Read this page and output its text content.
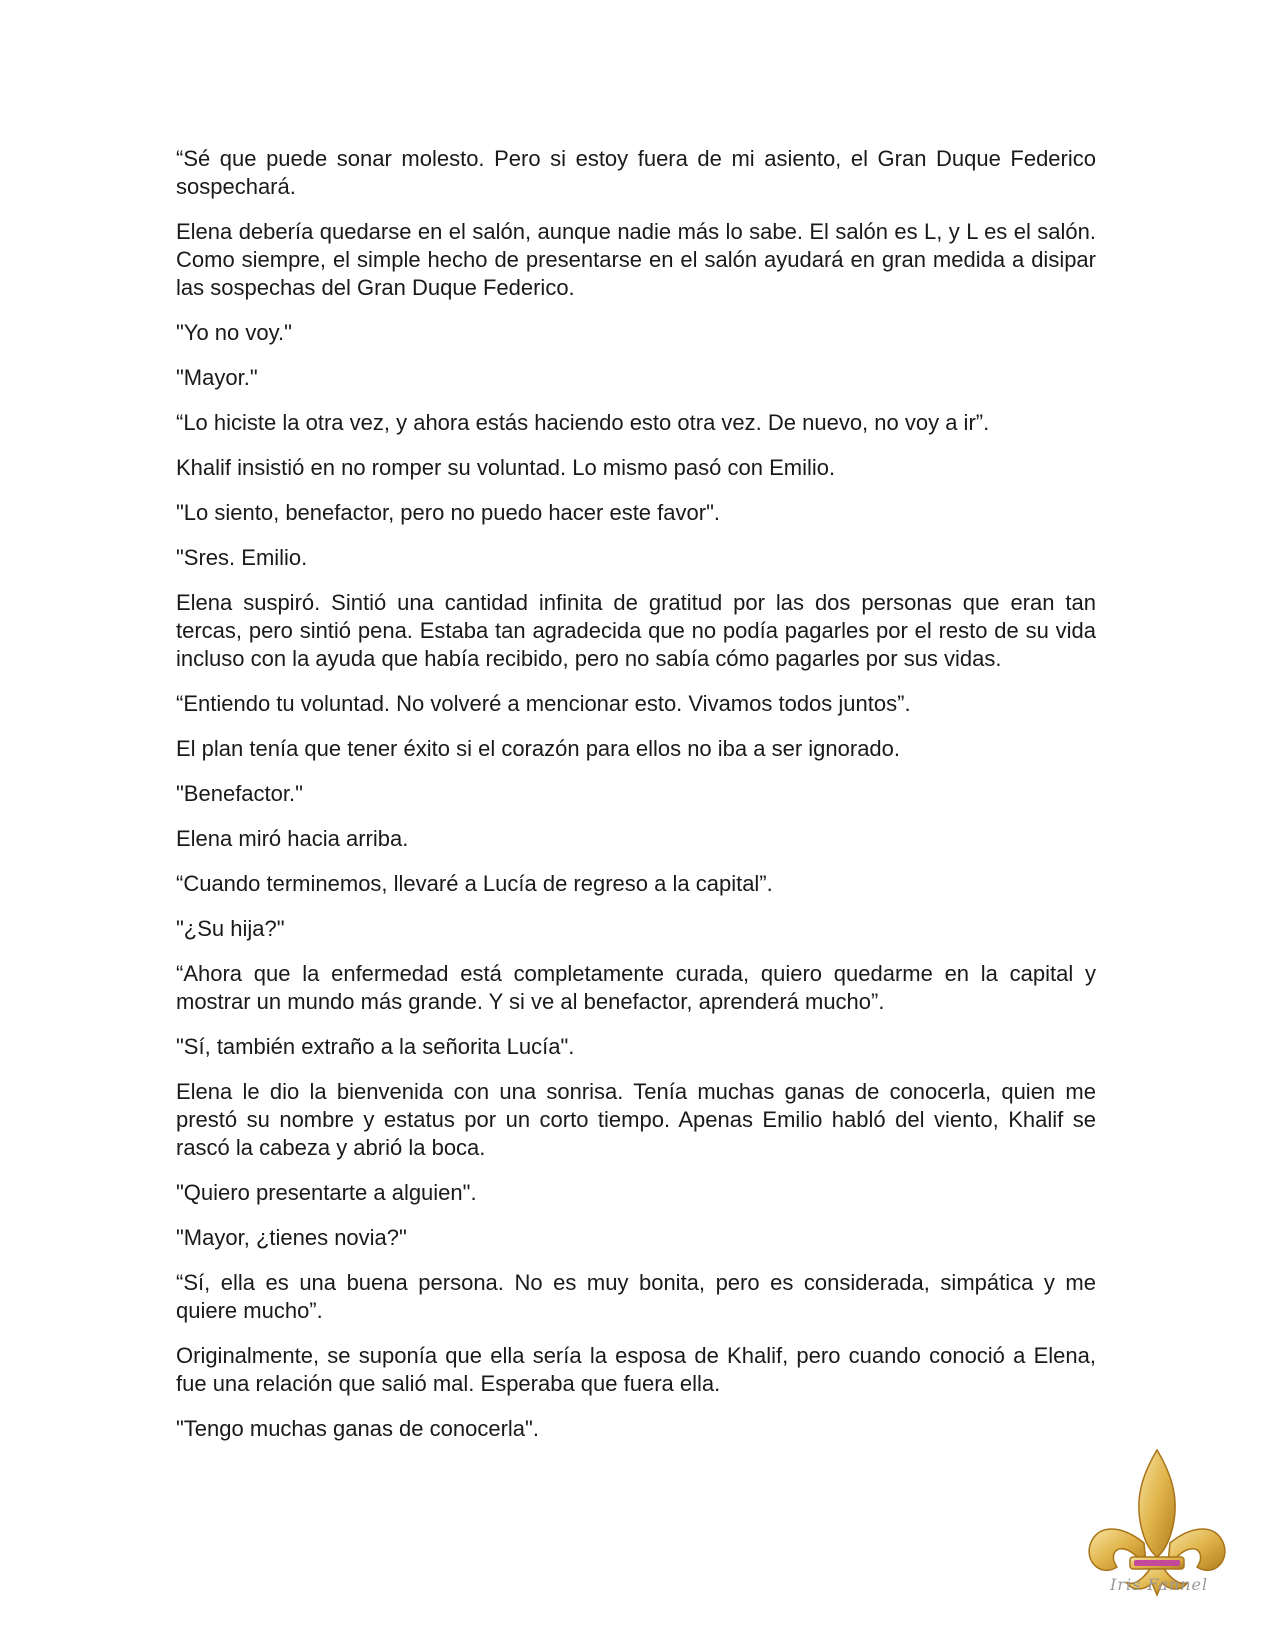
“Sé que puede sonar molesto. Pero si estoy fuera de mi asiento, el Gran Duque Federico sospechará.

Elena debería quedarse en el salón, aunque nadie más lo sabe. El salón es L, y L es el salón. Como siempre, el simple hecho de presentarse en el salón ayudará en gran medida a disipar las sospechas del Gran Duque Federico.

"Yo no voy."

"Mayor."

“Lo hiciste la otra vez, y ahora estás haciendo esto otra vez. De nuevo, no voy a ir”.

Khalif insistió en no romper su voluntad. Lo mismo pasó con Emilio.

"Lo siento, benefactor, pero no puedo hacer este favor".

"Sres. Emilio.

Elena suspiró. Sintió una cantidad infinita de gratitud por las dos personas que eran tan tercas, pero sintió pena. Estaba tan agradecida que no podía pagarles por el resto de su vida incluso con la ayuda que había recibido, pero no sabía cómo pagarles por sus vidas.

“Entiendo tu voluntad. No volveré a mencionar esto. Vivamos todos juntos”.

El plan tenía que tener éxito si el corazón para ellos no iba a ser ignorado.

"Benefactor."

Elena miró hacia arriba.

“Cuando terminemos, llevaré a Lucía de regreso a la capital”.

"¿Su hija?"

“Ahora que la enfermedad está completamente curada, quiero quedarme en la capital y mostrar un mundo más grande. Y si ve al benefactor, aprenderá mucho”.

"Sí, también extraño a la señorita Lucía".

Elena le dio la bienvenida con una sonrisa. Tenía muchas ganas de conocerla, quien me prestó su nombre y estatus por un corto tiempo. Apenas Emilio habló del viento, Khalif se rascó la cabeza y abrió la boca.

"Quiero presentarte a alguien".

"Mayor, ¿tienes novia?"

“Sí, ella es una buena persona. No es muy bonita, pero es considerada, simpática y me quiere mucho”.

Originalmente, se suponía que ella sería la esposa de Khalif, pero cuando conoció a Elena, fue una relación que salió mal. Esperaba que fuera ella.

"Tengo muchas ganas de conocerla".

Iris Fannel
